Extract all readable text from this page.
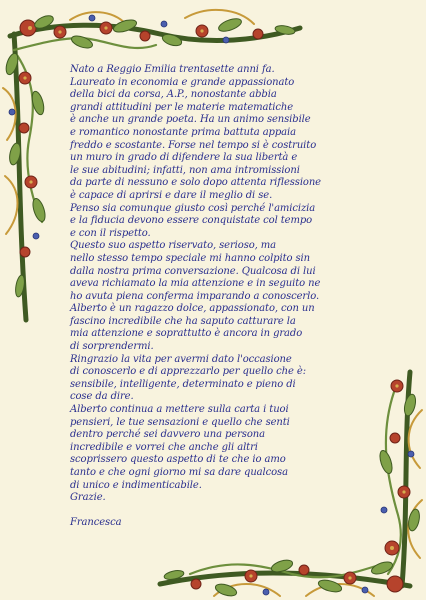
Nato a Reggio Emilia trentasette anni fa.
Laureato in economia e grande appassionato
della bici da corsa, A.P., nonostante abbia
grandi attitudini per le materie matematiche
è anche un grande poeta. Ha un animo sensibile
e romantico nonostante prima battuta appaia
freddo e scostante. Forse nel tempo si è costruito
un muro in grado di difendere la sua libertà e
le sue abitudini; infatti, non ama intromissioni
da parte di nessuno e solo dopo attenta riflessione
è capace di aprirsi e dare il meglio di se.
Penso sia comunque giusto così perché l'amicizia
e la fiducia devono essere conquistate col tempo
e con il rispetto.
Questo suo aspetto riservato, serioso, ma
nello stesso tempo speciale mi hanno colpito sin
dalla nostra prima conversazione. Qualcosa di lui
aveva richiamato la mia attenzione e in seguito ne
ho avuta piena conferma imparando a conoscerlo.
Alberto è un ragazzo dolce, appassionato, con un
fascino incredibile che ha saputo catturare la
mia attenzione e soprattutto è ancora in grado
di sorprendermi.
Ringrazio la vita per avermi dato l'occasione
di conoscerlo e di apprezzarlo per quello che è:
sensibile, intelligente, determinato e pieno di
cose da dire.
Alberto continua a mettere sulla carta i tuoi
pensieri, le tue sensazioni e quello che senti
dentro perché sei davvero una persona
incredibile e vorrei che anche gli altri
scoprissero questo aspetto di te che io amo
tanto e che ogni giorno mi sa dare qualcosa
di unico e indimenticabile.
Grazie.
Francesca
